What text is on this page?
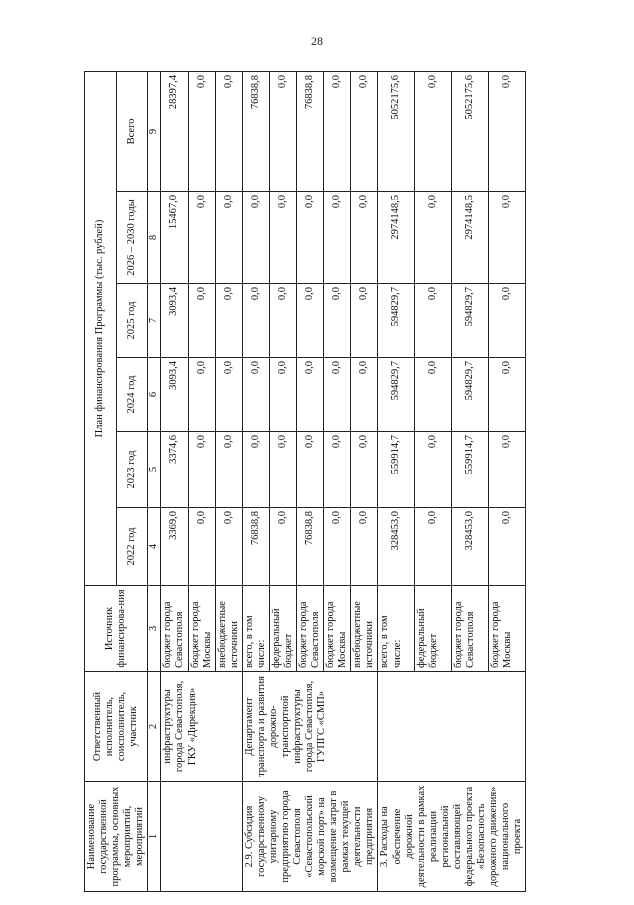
28
Наименование государственной программы, основных мероприятий, мероприятий	Ответственный исполнитель, соисполнитель, участник	Источник финансирова-ния	План финансирования Программы (тыс. рублей)					
			2022 год	2023 год	2024 год	2025 год	2026 – 2030 годы	Всего
1	2	3	4	5	6	7	8	9
	инфраструктуры города Севастополя, ГКУ «Дирекция»	бюджет города Севастополя	3369,0	3374,6	3093,4	3093,4	15467,0	28397,4
		бюджет города Москвы	0,0	0,0	0,0	0,0	0,0	0,0
		внебюджетные источники	0,0	0,0	0,0	0,0	0,0	0,0
2.9. Субсидия государственному унитарному предприятию города Севастополя «Севастопольский морской порт» на возмещение затрат в рамках текущей деятельности предприятия	Департамент транспорта и развития дорожно-транспортной инфраструктуры города Севастополя, ГУПГС «СМП»	всего, в том числе:	76838,8	0,0	0,0	0,0	0,0	76838,8
		федеральный бюджет	0,0	0,0	0,0	0,0	0,0	0,0
		бюджет города Севастополя	76838,8	0,0	0,0	0,0	0,0	76838,8
		бюджет города Москвы	0,0	0,0	0,0	0,0	0,0	0,0
		внебюджетные источники	0,0	0,0	0,0	0,0	0,0	0,0
3. Расходы на обеспечение дорожной деятельности в рамках реализации региональной составляющей федерального проекта «Безопасность дорожного движения» национального проекта		всего, в том числе:	328453,0	559914,7	594829,7	594829,7	2974148,5	5052175,6
		федеральный бюджет	0,0	0,0	0,0	0,0	0,0	0,0
		бюджет города Севастополя	328453,0	559914,7	594829,7	594829,7	2974148,5	5052175,6
		бюджет города Москвы	0,0	0,0	0,0	0,0	0,0	0,0
